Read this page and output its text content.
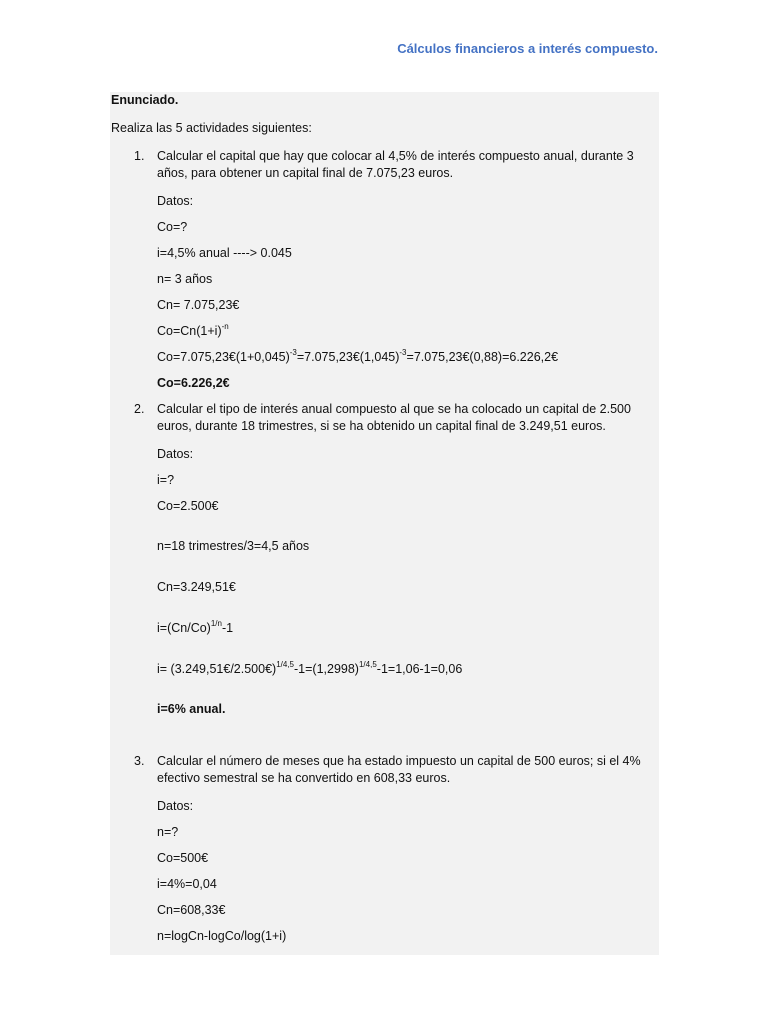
Cálculos financieros a interés compuesto.
Enunciado.
Realiza las 5 actividades siguientes:
1. Calcular el capital que hay que colocar al 4,5% de interés compuesto anual, durante 3 años, para obtener un capital final de 7.075,23 euros.
Datos:
Co=?
i=4,5% anual ----> 0.045
n= 3 años
Cn= 7.075,23€
$Co=Cn(1+i)^{-n}$
$Co=7.075,23€(1+0,045)^{-3}=7.075,23€(1,045)^{-3}=7.075,23€(0,88)=6.226,2€$
Co=6.226,2€
2. Calcular el tipo de interés anual compuesto al que se ha colocado un capital de 2.500 euros, durante 18 trimestres, si se ha obtenido un capital final de 3.249,51 euros.
Datos:
i=?
Co=2.500€
n=18 trimestres/3=4,5 años
Cn=3.249,51€
$i=(Cn/Co)^{1/n}-1$
$i= (3.249,51€/2.500€)^{1/4,5}-1=(1,2998)^{1/4,5}-1=1,06-1=0,06$
i=6% anual.
3. Calcular el número de meses que ha estado impuesto un capital de 500 euros; si el 4% efectivo semestral se ha convertido en 608,33 euros.
Datos:
n=?
Co=500€
i=4%=0,04
Cn=608,33€
n=logCn-logCo/log(1+i)
